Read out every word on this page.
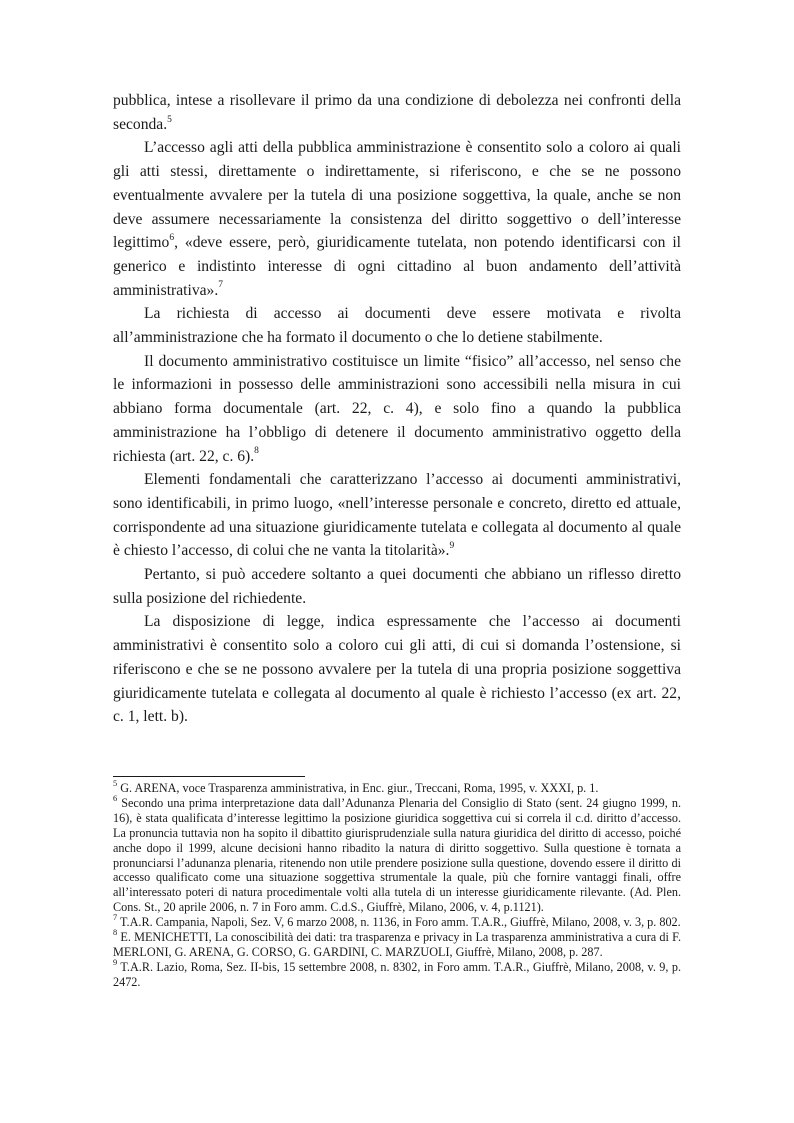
pubblica, intese a risollevare il primo da una condizione di debolezza nei confronti della seconda.$^5$

L’accesso agli atti della pubblica amministrazione è consentito solo a coloro ai quali gli atti stessi, direttamente o indirettamente, si riferiscono, e che se ne possono eventualmente avvalere per la tutela di una posizione soggettiva, la quale, anche se non deve assumere necessariamente la consistenza del diritto soggettivo o dell’interesse legittimo$^6$, «deve essere, però, giuridicamente tutelata, non potendo identificarsi con il generico e indistinto interesse di ogni cittadino al buon andamento dell’attività amministrativa».$^7$

La richiesta di accesso ai documenti deve essere motivata e rivolta all’amministrazione che ha formato il documento o che lo detiene stabilmente.

Il documento amministrativo costituisce un limite “fisico” all’accesso, nel senso che le informazioni in possesso delle amministrazioni sono accessibili nella misura in cui abbiano forma documentale (art. 22, c. 4), e solo fino a quando la pubblica amministrazione ha l’obbligo di detenere il documento amministrativo oggetto della richiesta (art. 22, c. 6).$^8$

Elementi fondamentali che caratterizzano l’accesso ai documenti amministrativi, sono identificabili, in primo luogo, «nell’interesse personale e concreto, diretto ed attuale, corrispondente ad una situazione giuridicamente tutelata e collegata al documento al quale è chiesto l’accesso, di colui che ne vanta la titolarità».$^9$

Pertanto, si può accedere soltanto a quei documenti che abbiano un riflesso diretto sulla posizione del richiedente.

La disposizione di legge, indica espressamente che l’accesso ai documenti amministrativi è consentito solo a coloro cui gli atti, di cui si domanda l’ostensione, si riferiscono e che se ne possono avvalere per la tutela di una propria posizione soggettiva giuridicamente tutelata e collegata al documento al quale è richiesto l’accesso (ex art. 22, c. 1, lett. b).

$^5$ G. ARENA, voce Trasparenza amministrativa, in Enc. giur., Treccani, Roma, 1995, v. XXXI, p. 1.

$^6$ Secondo una prima interpretazione data dall’Adunanza Plenaria del Consiglio di Stato (sent. 24 giugno 1999, n. 16), è stata qualificata d’interesse legittimo la posizione giuridica soggettiva cui si correla il c.d. diritto d’accesso. La pronuncia tuttavia non ha sopito il dibattito giurisprudenziale sulla natura giuridica del diritto di accesso, poiché anche dopo il 1999, alcune decisioni hanno ribadito la natura di diritto soggettivo. Sulla questione è tornata a pronunciarsi l’adunanza plenaria, ritenendo non utile prendere posizione sulla questione, dovendo essere il diritto di accesso qualificato come una situazione soggettiva strumentale la quale, più che fornire vantaggi finali, offre all’interessato poteri di natura procedimentale volti alla tutela di un interesse giuridicamente rilevante. (Ad. Plen. Cons. St., 20 aprile 2006, n. 7 in Foro amm. C.d.S., Giuffrè, Milano, 2006, v. 4, p.1121).

$^7$ T.A.R. Campania, Napoli, Sez. V, 6 marzo 2008, n. 1136, in Foro amm. T.A.R., Giuffrè, Milano, 2008, v. 3, p. 802.

$^8$ E. MENICHETTI, La conoscibilità dei dati: tra trasparenza e privacy in La trasparenza amministrativa a cura di F. MERLONI, G. ARENA, G. CORSO, G. GARDINI, C. MARZUOLI, Giuffrè, Milano, 2008, p. 287.

$^9$ T.A.R. Lazio, Roma, Sez. II-bis, 15 settembre 2008, n. 8302, in Foro amm. T.A.R., Giuffrè, Milano, 2008, v. 9, p. 2472.
